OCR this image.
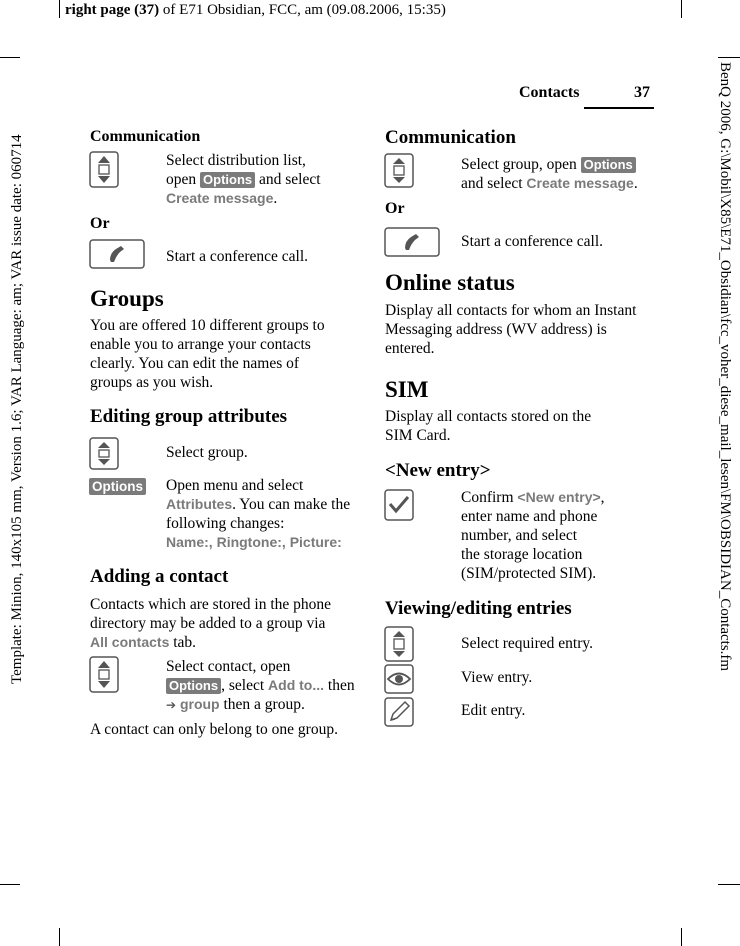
right page (37) of E71 Obsidian, FCC, am (09.08.2006, 15:35)
Template: Minion, 140x105 mm, Version 1.6; VAR Language: am; VAR issue date: 060714	BenQ 2006, G:\Mobil\X85\E71_Obsidian\fcc_voher_diese_mail_lesen\FM\OBSIDIAN_Contacts.fm
Contacts	37
Communication
Select distribution list,
open Options and select
Create message.
Or
Start a conference call.
Groups
You are offered 10 different groups to
enable you to arrange your contacts
clearly. You can edit the names of
groups as you wish.
Editing group attributes
Select group.
Options Open menu and select
Attributes. You can make the
following changes:
Name:, Ringtone:, Picture:
Adding a contact
Contacts which are stored in the phone
directory may be added to a group via
All contacts tab.
Select contact, open
Options , select Add to... then
➔ group then a group.
A contact can only belong to one group.
Communication
Select group, open Options
and select Create message.
Or
Start a conference call.
Online status
Display all contacts for whom an Instant
Messaging address (WV address) is
entered.
SIM
Display all contacts stored on the
SIM Card.
<New entry>
Confirm <New entry>,
enter name and phone
number, and select
the storage location
(SIM/protected SIM).
Viewing/editing entries
Select required entry.
View entry.
Edit entry.
